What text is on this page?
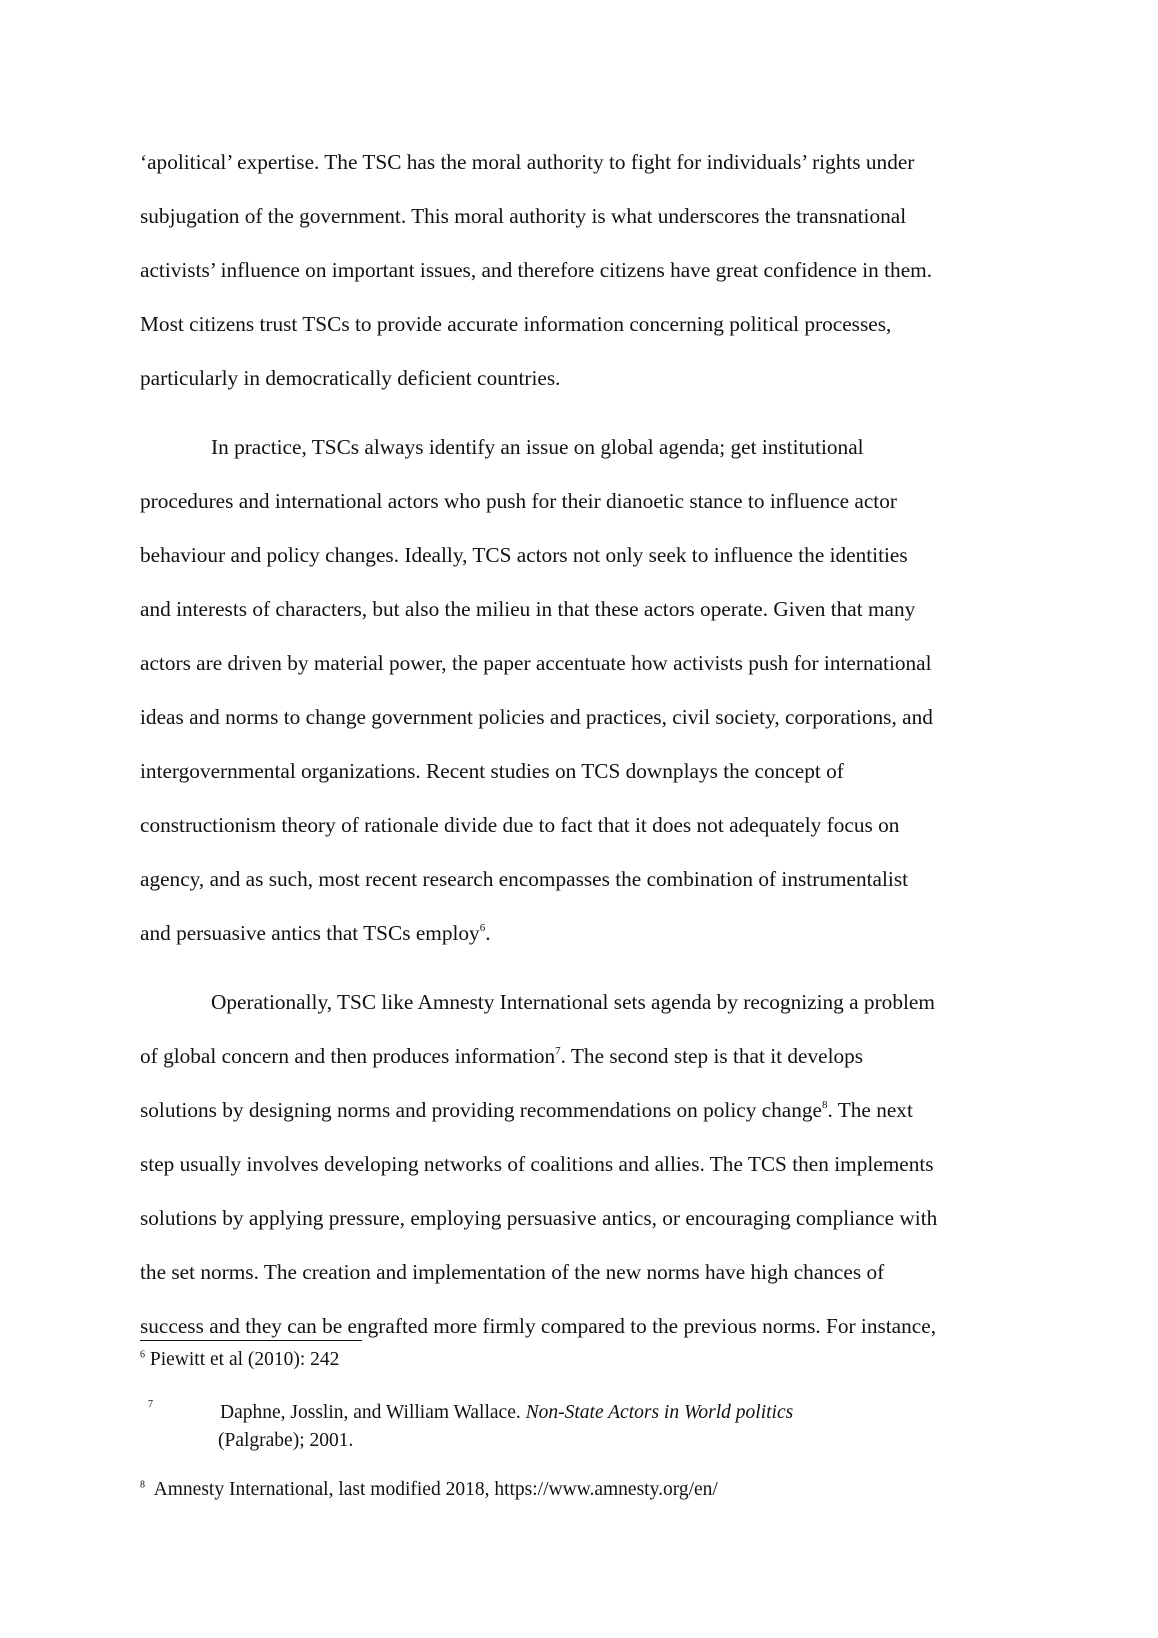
‘apolitical’ expertise. The TSC has the moral authority to fight for individuals’ rights under
subjugation of the government. This moral authority is what underscores the transnational
activists’ influence on important issues, and therefore citizens have great confidence in them.
Most citizens trust TSCs to provide accurate information concerning political processes,
particularly in democratically deficient countries.

In practice, TSCs always identify an issue on global agenda; get institutional
procedures and international actors who push for their dianoetic stance to influence actor
behaviour and policy changes. Ideally, TCS actors not only seek to influence the identities
and interests of characters, but also the milieu in that these actors operate. Given that many
actors are driven by material power, the paper accentuate how activists push for international
ideas and norms to change government policies and practices, civil society, corporations, and
intergovernmental organizations. Recent studies on TCS downplays the concept of
constructionism theory of rationale divide due to fact that it does not adequately focus on
agency, and as such, most recent research encompasses the combination of instrumentalist
and persuasive antics that TSCs employ$^6$.

Operationally, TSC like Amnesty International sets agenda by recognizing a problem
of global concern and then produces information$^7$. The second step is that it develops
solutions by designing norms and providing recommendations on policy change$^8$. The next
step usually involves developing networks of coalitions and allies. The TCS then implements
solutions by applying pressure, employing persuasive antics, or encouraging compliance with
the set norms. The creation and implementation of the new norms have high chances of
success and they can be engrafted more firmly compared to the previous norms. For instance,

$^6$ Piewitt et al (2010): 242

7	Daphne, Josslin, and William Wallace. Non-State Actors in World politics
(Palgrabe); 2001.

$^8$  Amnesty International, last modified 2018, https://www.amnesty.org/en/
